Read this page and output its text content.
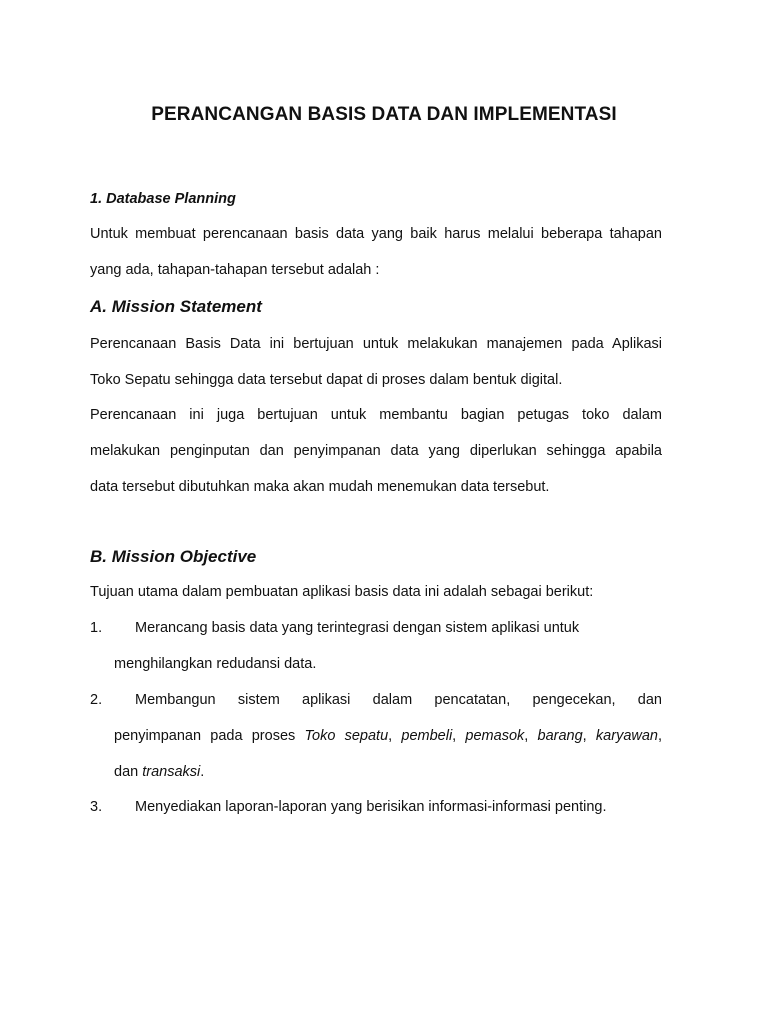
PERANCANGAN BASIS DATA DAN IMPLEMENTASI
1. Database Planning
Untuk membuat perencanaan basis data yang baik harus melalui beberapa tahapan
yang ada, tahapan-tahapan tersebut adalah :
A. Mission Statement
Perencanaan Basis Data ini bertujuan untuk melakukan manajemen pada Aplikasi
Toko Sepatu sehingga data tersebut dapat di proses dalam bentuk digital.
Perencanaan ini juga bertujuan untuk membantu bagian petugas toko dalam
melakukan penginputan dan penyimpanan data yang diperlukan sehingga apabila
data tersebut dibutuhkan maka akan mudah menemukan data tersebut.
B. Mission Objective
Tujuan utama dalam pembuatan aplikasi basis data ini adalah sebagai berikut:
1. Merancang basis data yang terintegrasi dengan sistem aplikasi untuk
menghilangkan redudansi data.
2. Membangun sistem aplikasi dalam pencatatan, pengecekan, dan
penyimpanan pada proses Toko sepatu, pembeli, pemasok, barang, karyawan,
dan transaksi.
3. Menyediakan laporan-laporan yang berisikan informasi-informasi penting.
